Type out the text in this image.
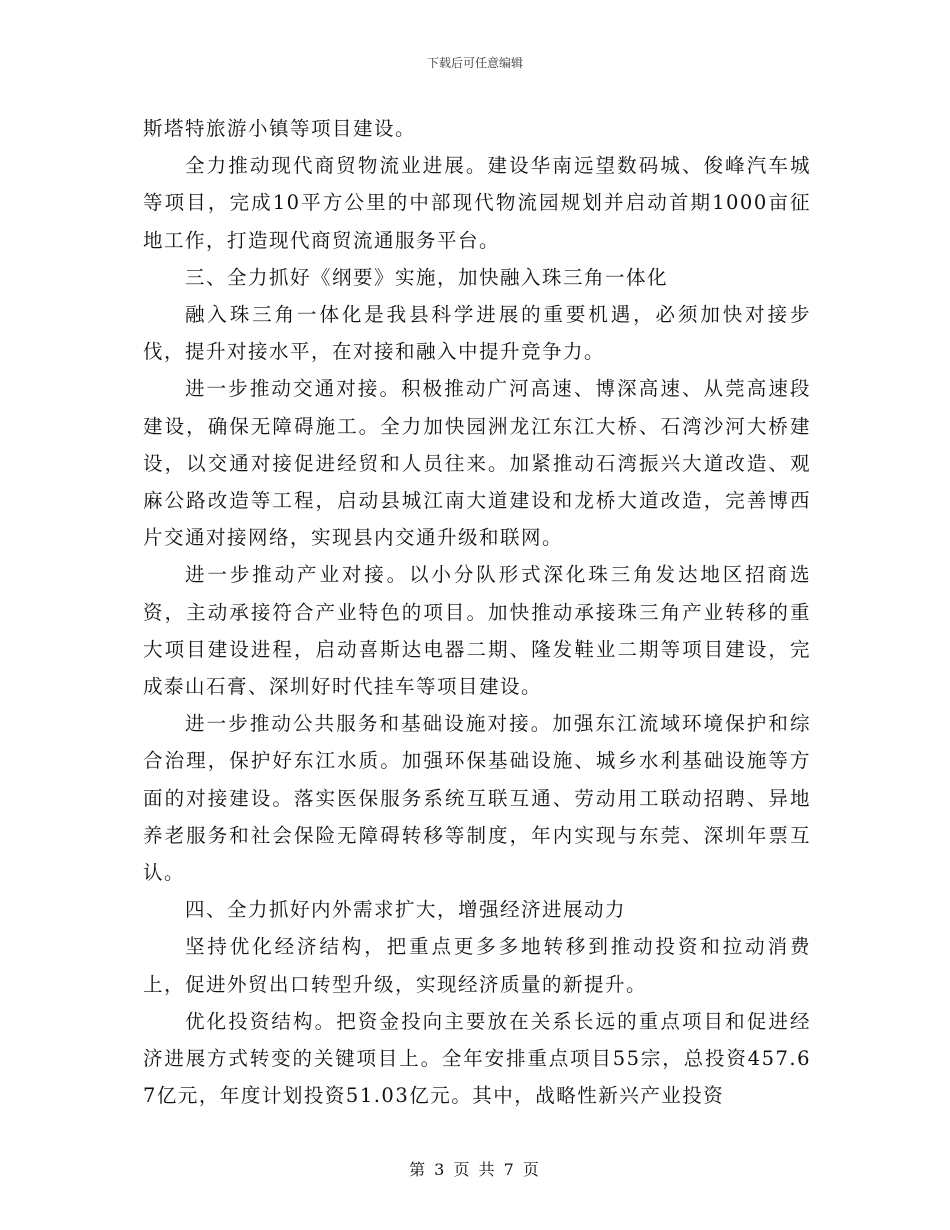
下载后可任意编辑

斯塔特旅游小镇等项目建设。

全力推动现代商贸物流业进展。建设华南远望数码城、俊峰汽车城等项目，完成10平方公里的中部现代物流园规划并启动首期1000亩征地工作，打造现代商贸流通服务平台。

三、全力抓好《纲要》实施，加快融入珠三角一体化

融入珠三角一体化是我县科学进展的重要机遇，必须加快对接步伐，提升对接水平，在对接和融入中提升竞争力。

进一步推动交通对接。积极推动广河高速、博深高速、从莞高速段建设，确保无障碍施工。全力加快园洲龙江东江大桥、石湾沙河大桥建设，以交通对接促进经贸和人员往来。加紧推动石湾振兴大道改造、观麻公路改造等工程，启动县城江南大道建设和龙桥大道改造，完善博西片交通对接网络，实现县内交通升级和联网。

进一步推动产业对接。以小分队形式深化珠三角发达地区招商选资，主动承接符合产业特色的项目。加快推动承接珠三角产业转移的重大项目建设进程，启动喜斯达电器二期、隆发鞋业二期等项目建设，完成泰山石膏、深圳好时代挂车等项目建设。

进一步推动公共服务和基础设施对接。加强东江流域环境保护和综合治理，保护好东江水质。加强环保基础设施、城乡水利基础设施等方面的对接建设。落实医保服务系统互联互通、劳动用工联动招聘、异地养老服务和社会保险无障碍转移等制度，年内实现与东莞、深圳年票互认。

四、全力抓好内外需求扩大，增强经济进展动力

坚持优化经济结构，把重点更多多地转移到推动投资和拉动消费上，促进外贸出口转型升级，实现经济质量的新提升。

优化投资结构。把资金投向主要放在关系长远的重点项目和促进经济进展方式转变的关键项目上。全年安排重点项目55宗，总投资457.67亿元，年度计划投资51.03亿元。其中，战略性新兴产业投资

第 3 页 共 7 页
